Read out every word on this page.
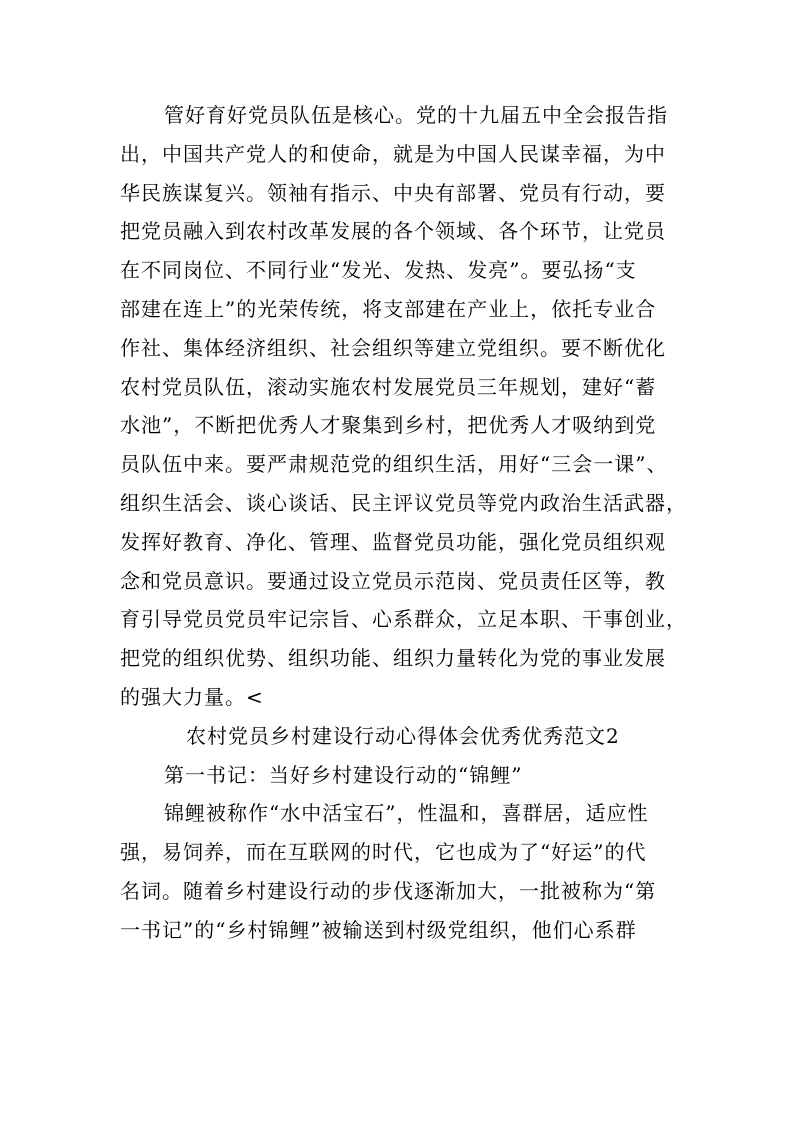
管好育好党员队伍是核心。党的十九届五中全会报告指
出，中国共产党人的和使命，就是为中国人民谋幸福，为中
华民族谋复兴。领袖有指示、中央有部署、党员有行动，要
把党员融入到农村改革发展的各个领域、各个环节，让党员
在不同岗位、不同行业“发光、发热、发亮”。要弘扬“支
部建在连上”的光荣传统，将支部建在产业上，依托专业合
作社、集体经济组织、社会组织等建立党组织。要不断优化
农村党员队伍，滚动实施农村发展党员三年规划，建好“蓄
水池”，不断把优秀人才聚集到乡村，把优秀人才吸纳到党
员队伍中来。要严肃规范党的组织生活，用好“三会一课”、
组织生活会、谈心谈话、民主评议党员等党内政治生活武器，
发挥好教育、净化、管理、监督党员功能，强化党员组织观
念和党员意识。要通过设立党员示范岗、党员责任区等，教
育引导党员党员牢记宗旨、心系群众，立足本职、干事创业，
把党的组织优势、组织功能、组织力量转化为党的事业发展
的强大力量。<
农村党员乡村建设行动心得体会优秀优秀范文2
第一书记：当好乡村建设行动的“锦鲤”
锦鲤被称作“水中活宝石”，性温和，喜群居，适应性
强，易饲养，而在互联网的时代，它也成为了“好运”的代
名词。随着乡村建设行动的步伐逐渐加大，一批被称为“第
一书记”的“乡村锦鲤”被输送到村级党组织，他们心系群
